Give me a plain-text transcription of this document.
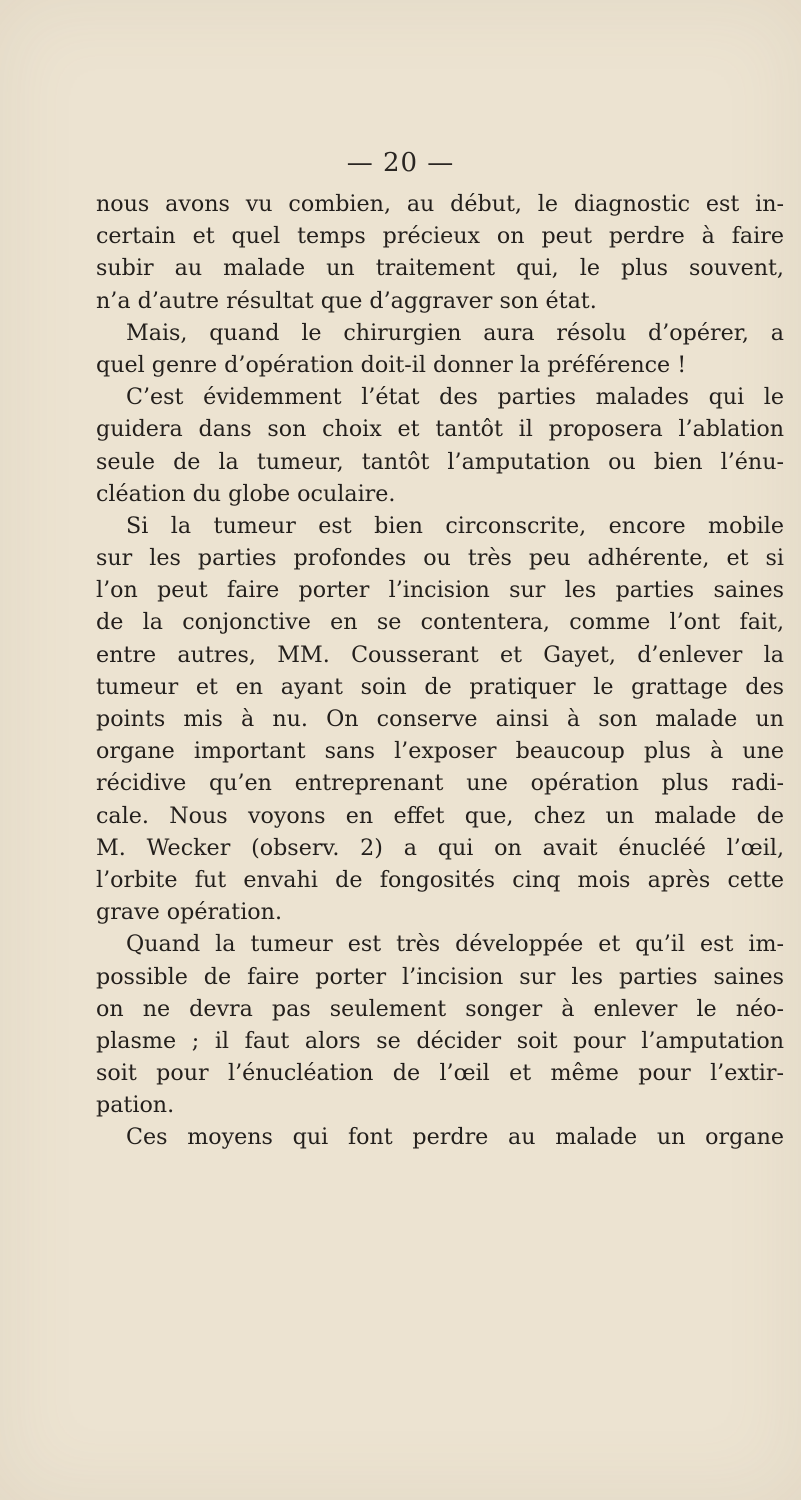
— 20 —
nous avons vu combien, au début, le diagnostic est in-
certain et quel temps précieux on peut perdre à faire
subir au malade un traitement qui, le plus souvent,
n’a d’autre résultat que d’aggraver son état.
Mais, quand le chirurgien aura résolu d’opérer, a
quel genre d’opération doit-il donner la préférence !
C’est évidemment l’état des parties malades qui le
guidera dans son choix et tantôt il proposera l’ablation
seule de la tumeur, tantôt l’amputation ou bien l’énu-
cléation du globe oculaire.
Si la tumeur est bien circonscrite, encore mobile
sur les parties profondes ou très peu adhérente, et si
l’on peut faire porter l’incision sur les parties saines
de la conjonctive en se contentera, comme l’ont fait,
entre autres, MM. Cousserant et Gayet, d’enlever la
tumeur et en ayant soin de pratiquer le grattage des
points mis à nu. On conserve ainsi à son malade un
organe important sans l’exposer beaucoup plus à une
récidive qu’en entreprenant une opération plus radi-
cale. Nous voyons en effet que, chez un malade de
M. Wecker (observ. 2) a qui on avait énucléé l’œil,
l’orbite fut envahi de fongosités cinq mois après cette
grave opération.
Quand la tumeur est très développée et qu’il est im-
possible de faire porter l’incision sur les parties saines
on ne devra pas seulement songer à enlever le néo-
plasme ; il faut alors se décider soit pour l’amputation
soit pour l’énucléation de l’œil et même pour l’extir-
pation.
Ces moyens qui font perdre au malade un organe
